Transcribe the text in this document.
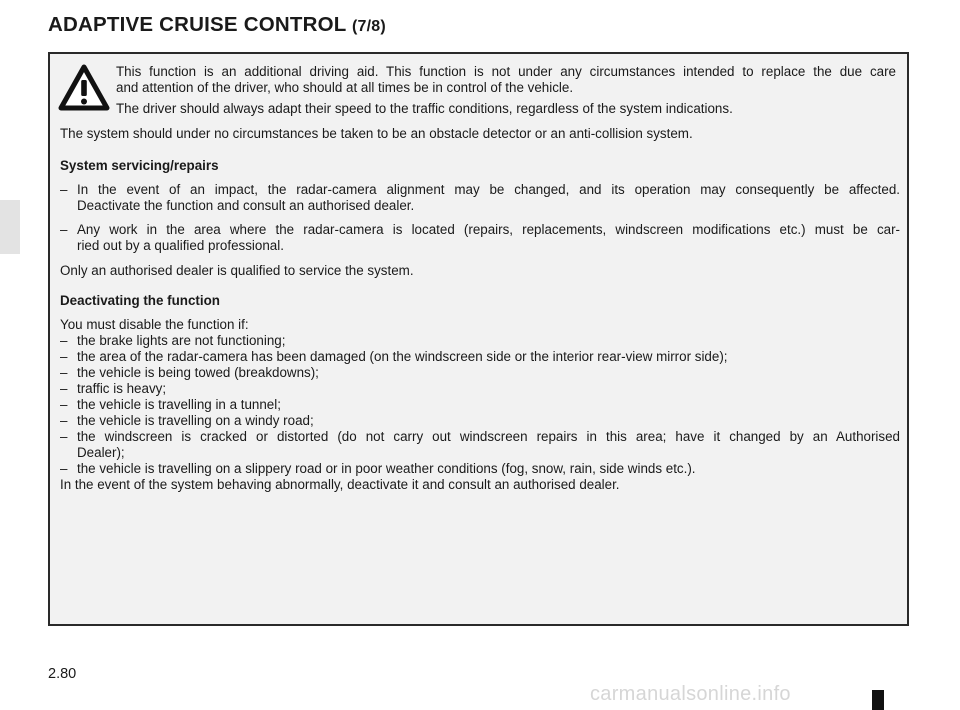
ADAPTIVE CRUISE CONTROL (7/8)

This function is an additional driving aid. This function is not under any circumstances intended to replace the due care

and attention of the driver, who should at all times be in control of the vehicle.

The driver should always adapt their speed to the traffic conditions, regardless of the system indications.

The system should under no circumstances be taken to be an obstacle detector or an anti-collision system.

System servicing/repairs

– In the event of an impact, the radar-camera alignment may be changed, and its operation may consequently be affected.

Deactivate the function and consult an authorised dealer.

– Any work in the area where the radar-camera is located (repairs, replacements, windscreen modifications etc.) must be car-

ried out by a qualified professional.

Only an authorised dealer is qualified to service the system.

Deactivating the function

You must disable the function if:

– the brake lights are not functioning;

– the area of the radar-camera has been damaged (on the windscreen side or the interior rear-view mirror side);

– the vehicle is being towed (breakdowns);

– traffic is heavy;

– the vehicle is travelling in a tunnel;

– the vehicle is travelling on a windy road;

– the windscreen is cracked or distorted (do not carry out windscreen repairs in this area; have it changed by an Authorised

Dealer);

– the vehicle is travelling on a slippery road or in poor weather conditions (fog, snow, rain, side winds etc.).

In the event of the system behaving abnormally, deactivate it and consult an authorised dealer.

2.80
carmanualsonline.info
